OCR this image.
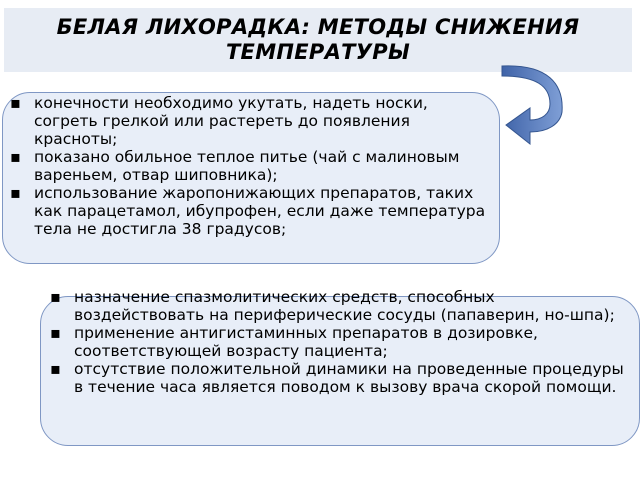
БЕЛАЯ ЛИХОРАДКА: МЕТОДЫ СНИЖЕНИЯ ТЕМПЕРАТУРЫ
▪ конечности необходимо укутать, надеть носки, согреть грелкой или растереть до появления красноты;
▪ показано обильное теплое питье (чай с малиновым вареньем, отвар шиповника);
▪ использование жаропонижающих препаратов, таких как парацетамол, ибупрофен, если даже температура тела не достигла 38 градусов;
▪ назначение спазмолитических средств, способных воздействовать на периферические сосуды (папаверин, но-шпа);
▪ применение антигистаминных препаратов в дозировке, соответствующей возрасту пациента;
▪ отсутствие положительной динамики на проведенные процедуры в течение часа является поводом к вызову врача скорой помощи.
